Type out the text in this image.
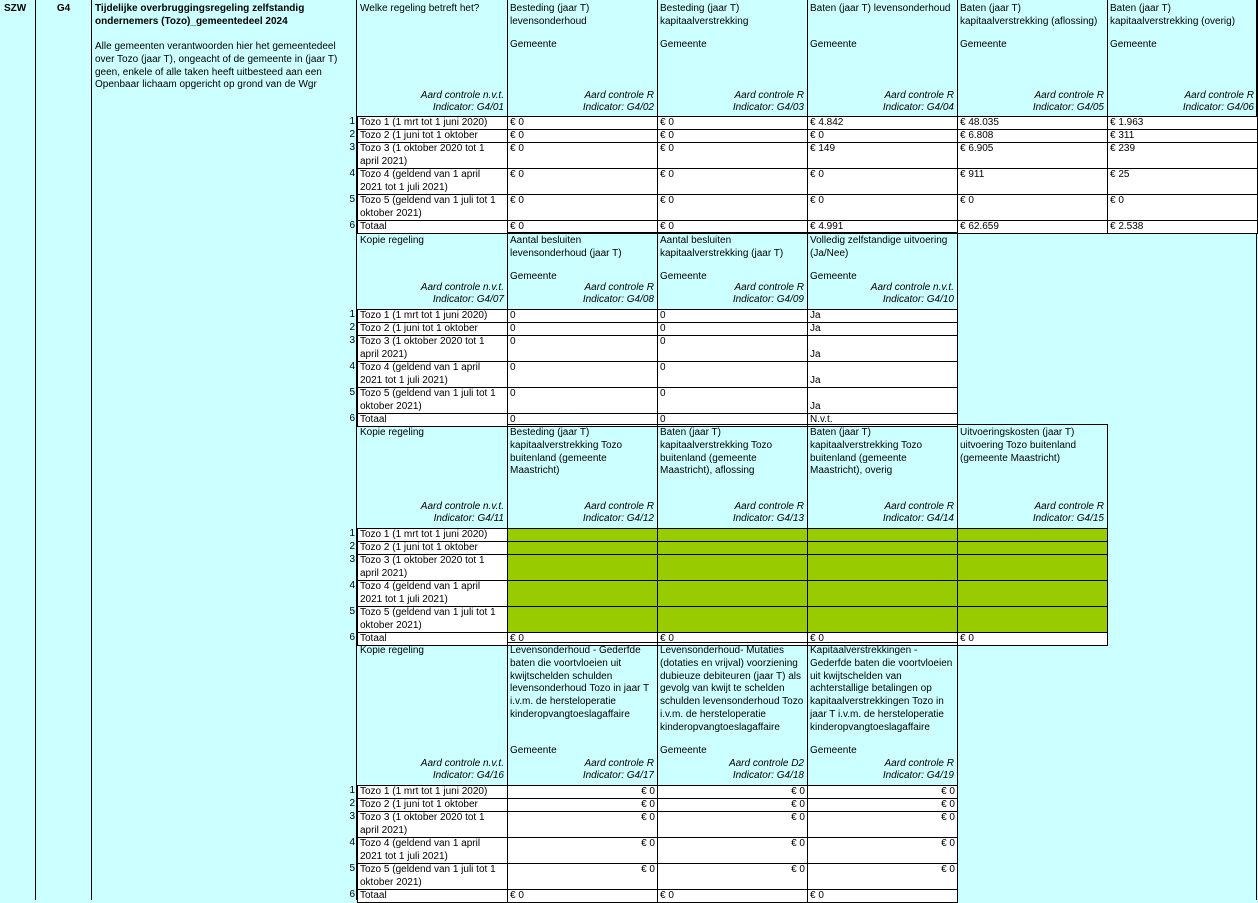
SZW	G4	Tijdelijke overbruggingsregeling zelfstandig ondernemers (Tozo)_gemeentedeel 2024
Alle gemeenten verantwoorden hier het gemeentedeel over Tozo (jaar T), ongeacht of de gemeente in (jaar T) geen, enkele of alle taken heeft uitbesteed aan een Openbaar lichaam opgericht op grond van de Wgr
Welke regeling betreft het?
Aard controle n.v.t.
Indicator: G4/01
Besteding (jaar T) levensonderhoud
Gemeente
Aard controle R
Indicator: G4/02
Besteding (jaar T) kapitaalverstrekking
Gemeente
Aard controle R
Indicator: G4/03
Baten (jaar T) levensonderhoud
Gemeente
Aard controle R
Indicator: G4/04
Baten (jaar T) kapitaalverstrekking (aflossing)
Gemeente
Aard controle R
Indicator: G4/05
Baten (jaar T) kapitaalverstrekking (overig)
Gemeente
Aard controle R
Indicator: G4/06
1 Tozo 1 (1 mrt tot 1 juni 2020)	€ 0	€ 0	€ 4.842	€ 48.035	€ 1.963
2 Tozo 2 (1 juni tot 1 oktober	€ 0	€ 0	€ 0	€ 6.808	€ 311
3 Tozo 3 (1 oktober 2020 tot 1 april 2021)
€ 0	€ 0	€ 149	€ 6.905	€ 239
4 Tozo 4 (geldend van 1 april 2021 tot 1 juli 2021)
€ 0	€ 0	€ 0	€ 911	€ 25
5 Tozo 5 (geldend van 1 juli tot 1 oktober 2021)
€ 0	€ 0	€ 0	€ 0	€ 0
6 Totaal	€ 0	€ 0	€ 4.991	€ 62.659	€ 2.538
Kopie regeling
Aard controle n.v.t.
Indicator: G4/07
Aantal besluiten levensonderhoud (jaar T)
Gemeente
Aard controle R
Indicator: G4/08
Aantal besluiten kapitaalverstrekking (jaar T)
Gemeente
Aard controle R
Indicator: G4/09
Volledig zelfstandige uitvoering (Ja/Nee)
Gemeente
Aard controle n.v.t.
Indicator: G4/10
1 Tozo 1 (1 mrt tot 1 juni 2020)	0	0	Ja
2 Tozo 2 (1 juni tot 1 oktober	0	0	Ja
3 Tozo 3 (1 oktober 2020 tot 1 april 2021)
0	0
Ja
4 Tozo 4 (geldend van 1 april 2021 tot 1 juli 2021)
0	0
Ja
5 Tozo 5 (geldend van 1 juli tot 1 oktober 2021)
0	0
Ja
6 Totaal	0	0	N.v.t.
Kopie regeling
Aard controle n.v.t.
Indicator: G4/11
Besteding (jaar T) kapitaalverstrekking Tozo buitenland (gemeente Maastricht)
Aard controle R
Indicator: G4/12
Baten (jaar T) kapitaalverstrekking Tozo buitenland (gemeente Maastricht), aflossing
Aard controle R
Indicator: G4/13
Baten (jaar T) kapitaalverstrekking Tozo buitenland (gemeente Maastricht), overig
Aard controle R
Indicator: G4/14
Uitvoeringskosten (jaar T) uitvoering Tozo buitenland (gemeente Maastricht)
Aard controle R
Indicator: G4/15
1 Tozo 1 (1 mrt tot 1 juni 2020)
2 Tozo 2 (1 juni tot 1 oktober
3 Tozo 3 (1 oktober 2020 tot 1 april 2021)
4 Tozo 4 (geldend van 1 april 2021 tot 1 juli 2021)
5 Tozo 5 (geldend van 1 juli tot 1 oktober 2021)
6 Totaal	€ 0	€ 0	€ 0	€ 0
Kopie regeling
Aard controle n.v.t.
Indicator: G4/16
Levensonderhoud - Gederfde baten die voortvloeien uit kwijtschelden schulden levensonderhoud Tozo in jaar T i.v.m. de hersteloperatie kinderopvangtoeslagaffaire
Gemeente
Aard controle R
Indicator: G4/17
Levensonderhoud- Mutaties (dotaties en vrijval) voorziening dubieuze debiteuren (jaar T) als gevolg van kwijt te schelden schulden levensonderhoud Tozo i.v.m. de hersteloperatie kinderopvangtoeslagaffaire
Gemeente
Aard controle D2
Indicator: G4/18
Kapitaalverstrekkingen - Gederfde baten die voortvloeien uit kwijtschelden van achterstallige betalingen op kapitaalverstrekkingen Tozo in jaar T i.v.m. de hersteloperatie kinderopvangtoeslagaffaire
Gemeente
Aard controle R
Indicator: G4/19
1 Tozo 1 (1 mrt tot 1 juni 2020)	€ 0	€ 0	€ 0
2 Tozo 2 (1 juni tot 1 oktober	€ 0	€ 0	€ 0
3 Tozo 3 (1 oktober 2020 tot 1 april 2021)
€ 0	€ 0	€ 0
4 Tozo 4 (geldend van 1 april 2021 tot 1 juli 2021)
€ 0	€ 0	€ 0
5 Tozo 5 (geldend van 1 juli tot 1 oktober 2021)
€ 0	€ 0	€ 0
6 Totaal	€ 0	€ 0	€ 0
